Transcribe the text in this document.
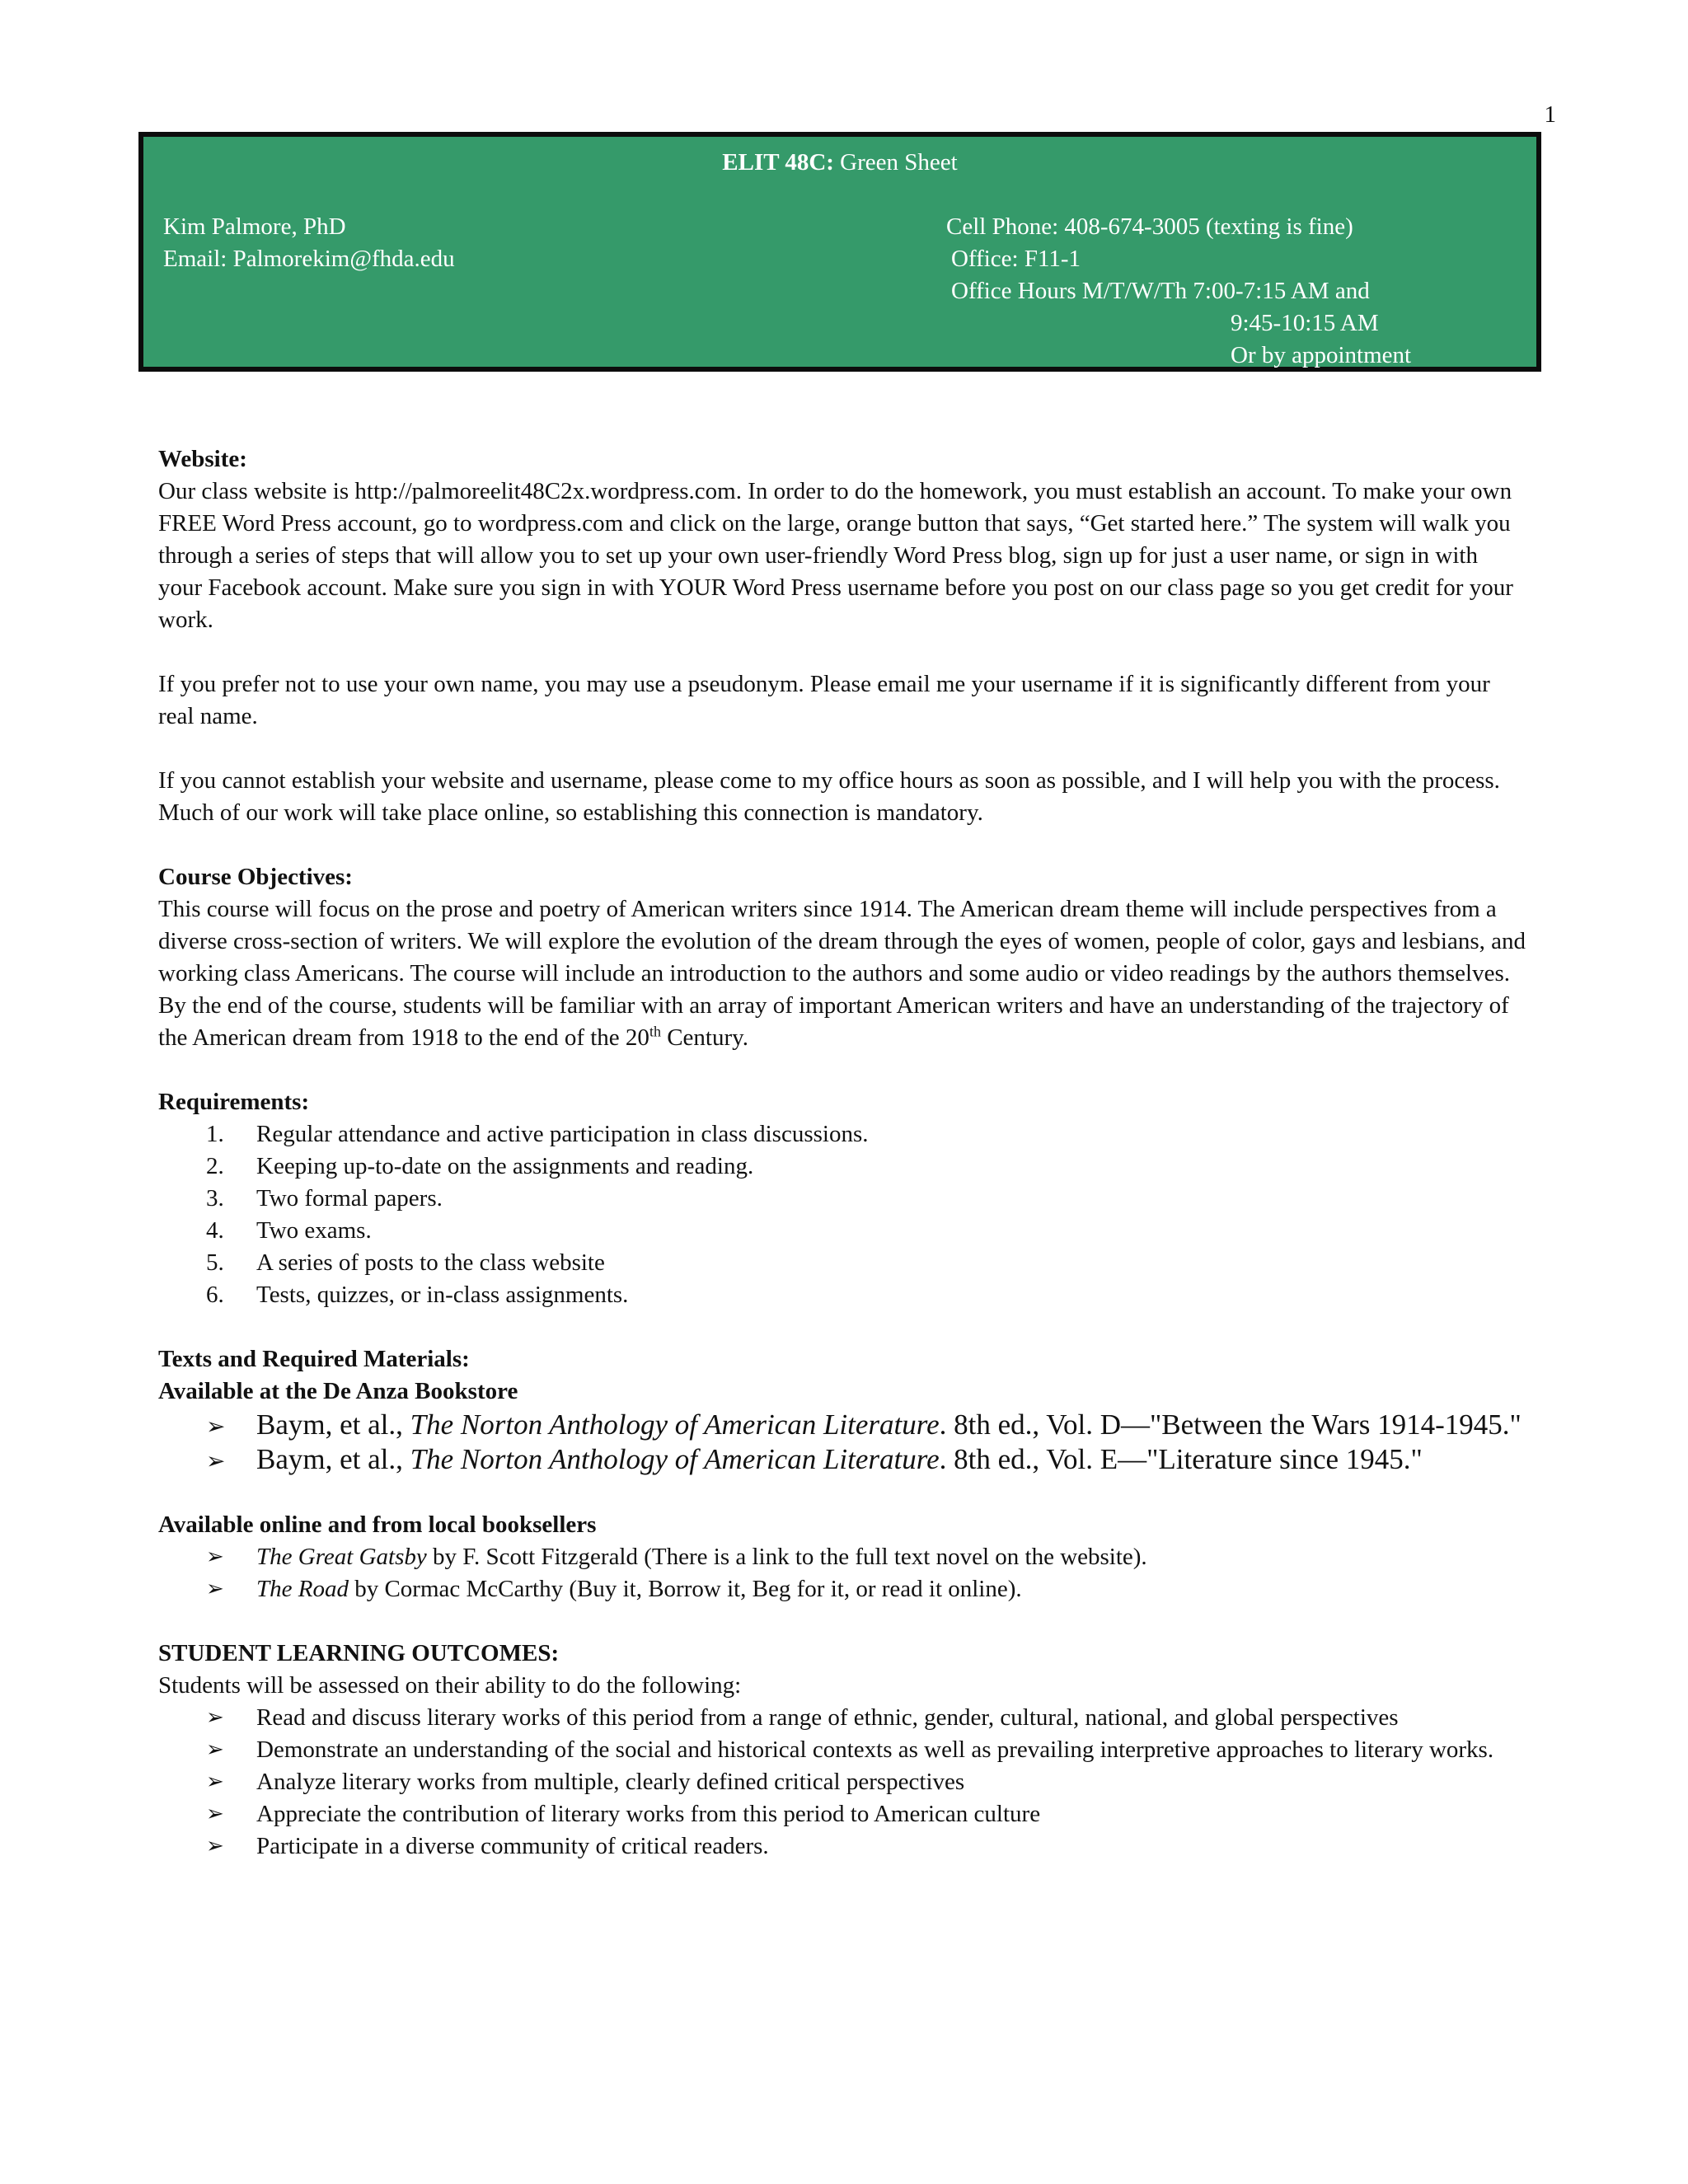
1
ELIT 48C: Green Sheet
Kim Palmore, PhD
Email: Palmorekim@fhda.edu
Cell Phone: 408-674-3005 (texting is fine)
Office: F11-1
Office Hours M/T/W/Th 7:00-7:15 AM and
9:45-10:15 AM
Or by appointment
Website:

Our class website is http://palmoreelit48C2x.wordpress.com. In order to do the homework, you must establish an account. To make your own FREE Word Press account, go to wordpress.com and click on the large, orange button that says, “Get started here.” The system will walk you through a series of steps that will allow you to set up your own user-friendly Word Press blog, sign up for just a user name, or sign in with your Facebook account. Make sure you sign in with YOUR Word Press username before you post on our class page so you get credit for your work.

If you prefer not to use your own name, you may use a pseudonym. Please email me your username if it is significantly different from your real name.

If you cannot establish your website and username, please come to my office hours as soon as possible, and I will help you with the process. Much of our work will take place online, so establishing this connection is mandatory.

Course Objectives:

This course will focus on the prose and poetry of American writers since 1914. The American dream theme will include perspectives from a diverse cross-section of writers. We will explore the evolution of the dream through the eyes of women, people of color, gays and lesbians, and working class Americans. The course will include an introduction to the authors and some audio or video readings by the authors themselves. By the end of the course, students will be familiar with an array of important American writers and have an understanding of the trajectory of the American dream from 1918 to the end of the 20th Century.

Requirements:
1. Regular attendance and active participation in class discussions.
2. Keeping up-to-date on the assignments and reading.
3. Two formal papers.
4. Two exams.
5. A series of posts to the class website
6. Tests, quizzes, or in-class assignments.
Texts and Required Materials:
Available at the De Anza Bookstore
➢ Baym, et al., The Norton Anthology of American Literature. 8th ed., Vol. D—"Between the Wars 1914-1945."
➢ Baym, et al., The Norton Anthology of American Literature. 8th ed., Vol. E—"Literature since 1945."
Available online and from local booksellers
➢ The Great Gatsby by F. Scott Fitzgerald (There is a link to the full text novel on the website).
➢ The Road by Cormac McCarthy (Buy it, Borrow it, Beg for it, or read it online).
STUDENT LEARNING OUTCOMES:

Students will be assessed on their ability to do the following:

➢ Read and discuss literary works of this period from a range of ethnic, gender, cultural, national, and global perspectives
➢ Demonstrate an understanding of the social and historical contexts as well as prevailing interpretive approaches to literary works.
➢ Analyze literary works from multiple, clearly defined critical perspectives
➢ Appreciate the contribution of literary works from this period to American culture
➢ Participate in a diverse community of critical readers.
